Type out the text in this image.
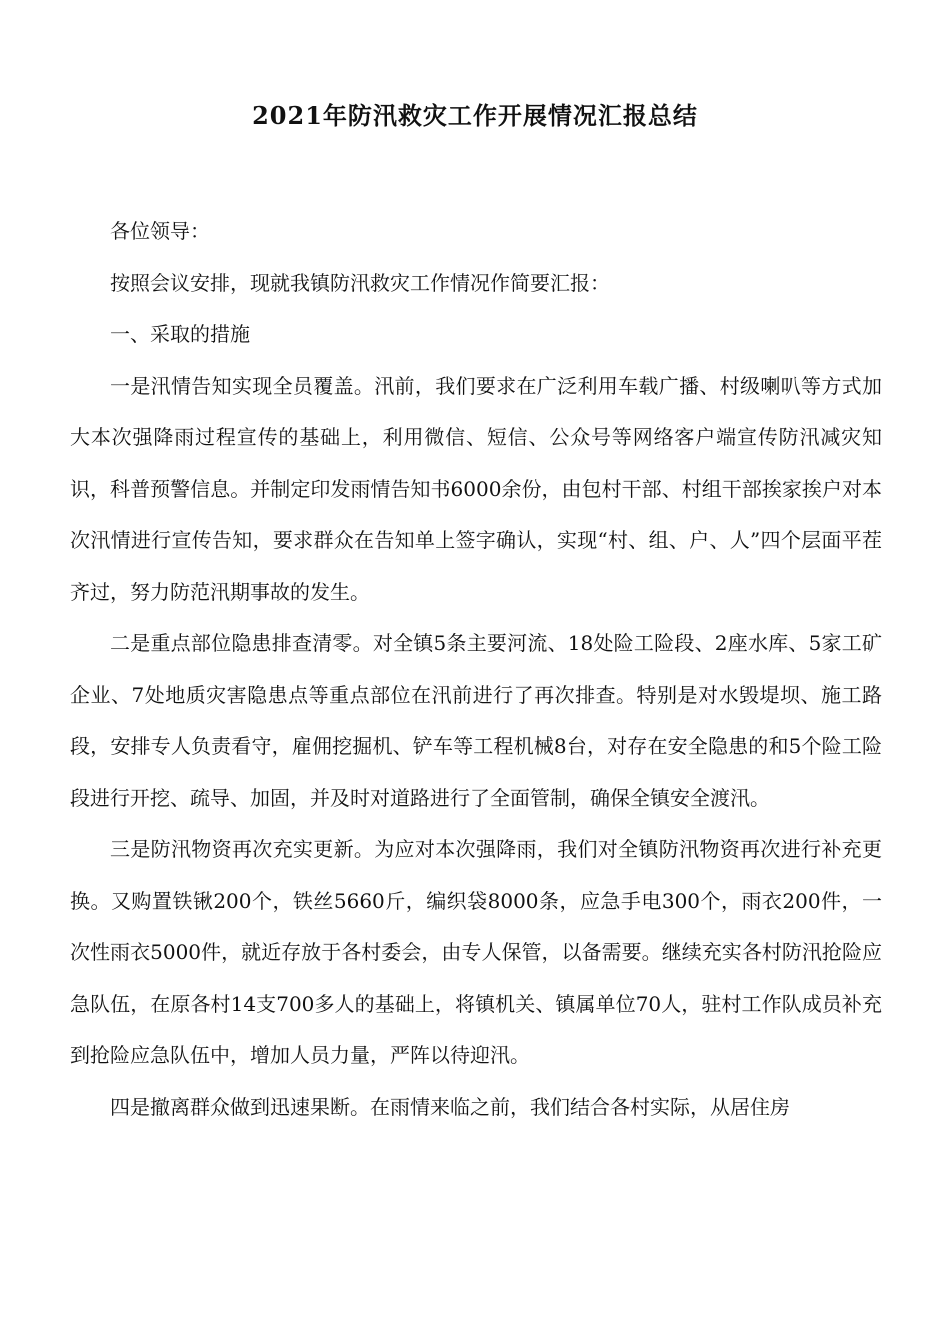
2021年防汛救灾工作开展情况汇报总结

各位领导：

按照会议安排，现就我镇防汛救灾工作情况作简要汇报：

一、采取的措施

一是汛情告知实现全员覆盖。汛前，我们要求在广泛利用车载广播、村级喇叭等方式加大本次强降雨过程宣传的基础上，利用微信、短信、公众号等网络客户端宣传防汛减灾知识，科普预警信息。并制定印发雨情告知书6000余份，由包村干部、村组干部挨家挨户对本次汛情进行宣传告知，要求群众在告知单上签字确认，实现“村、组、户、人”四个层面平茬齐过，努力防范汛期事故的发生。

二是重点部位隐患排查清零。对全镇5条主要河流、18处险工险段、2座水库、5家工矿企业、7处地质灾害隐患点等重点部位在汛前进行了再次排查。特别是对水毁堤坝、施工路段，安排专人负责看守，雇佣挖掘机、铲车等工程机械8台，对存在安全隐患的和5个险工险段进行开挖、疏导、加固，并及时对道路进行了全面管制，确保全镇安全渡汛。

三是防汛物资再次充实更新。为应对本次强降雨，我们对全镇防汛物资再次进行补充更换。又购置铁锹200个，铁丝5660斤，编织袋8000条，应急手电300个，雨衣200件，一次性雨衣5000件，就近存放于各村委会，由专人保管，以备需要。继续充实各村防汛抢险应急队伍，在原各村14支700多人的基础上，将镇机关、镇属单位70人，驻村工作队成员补充到抢险应急队伍中，增加人员力量，严阵以待迎汛。

四是撤离群众做到迅速果断。在雨情来临之前，我们结合各村实际，从居住房
